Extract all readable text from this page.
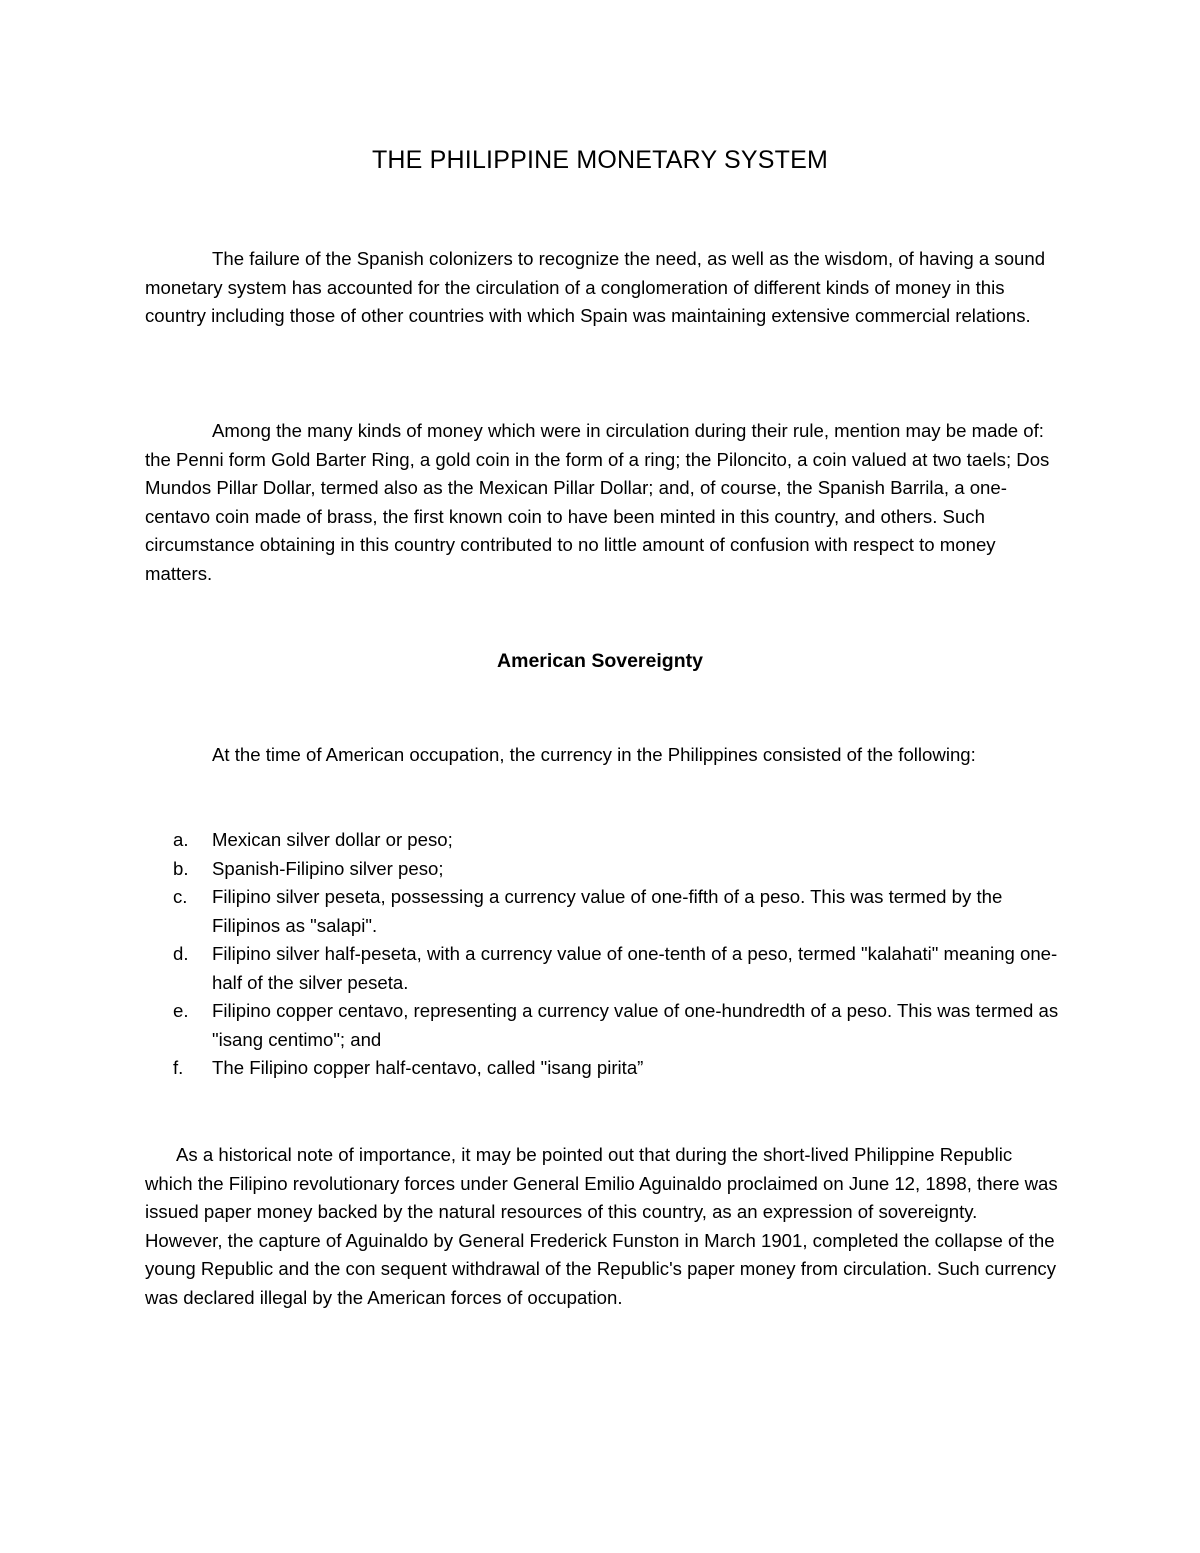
THE PHILIPPINE MONETARY SYSTEM

The failure of the Spanish colonizers to recognize the need, as well as the wisdom, of having a sound monetary system has accounted for the circulation of a conglomeration of different kinds of money in this country including those of other countries with which Spain was maintaining extensive commercial relations.

Among the many kinds of money which were in circulation during their rule, mention may be made of: the Penni form Gold Barter Ring, a gold coin in the form of a ring; the Piloncito, a coin valued at two taels; Dos Mundos Pillar Dollar, termed also as the Mexican Pillar Dollar; and, of course, the Spanish Barrila, a one-centavo coin made of brass, the first known coin to have been minted in this country, and others. Such circumstance obtaining in this country contributed to no little amount of confusion with respect to money matters.

American Sovereignty

At the time of American occupation, the currency in the Philippines consisted of the following:

a. Mexican silver dollar or peso;
b. Spanish-Filipino silver peso;
c. Filipino silver peseta, possessing a currency value of one-fifth of a peso. This was termed by the Filipinos as "salapi".
d. Filipino silver half-peseta, with a currency value of one-tenth of a peso, termed "kalahati" meaning one-half of the silver peseta.
e. Filipino copper centavo, representing a currency value of one-hundredth of a peso. This was termed as "isang centimo"; and
f. The Filipino copper half-centavo, called "isang pirita”

As a historical note of importance, it may be pointed out that during the short-lived Philippine Republic which the Filipino revolutionary forces under General Emilio Aguinaldo proclaimed on June 12, 1898, there was issued paper money backed by the natural resources of this country, as an expression of sovereignty. However, the capture of Aguinaldo by General Frederick Funston in March 1901, completed the collapse of the young Republic and the con sequent withdrawal of the Republic's paper money from circulation. Such currency was declared illegal by the American forces of occupation.
